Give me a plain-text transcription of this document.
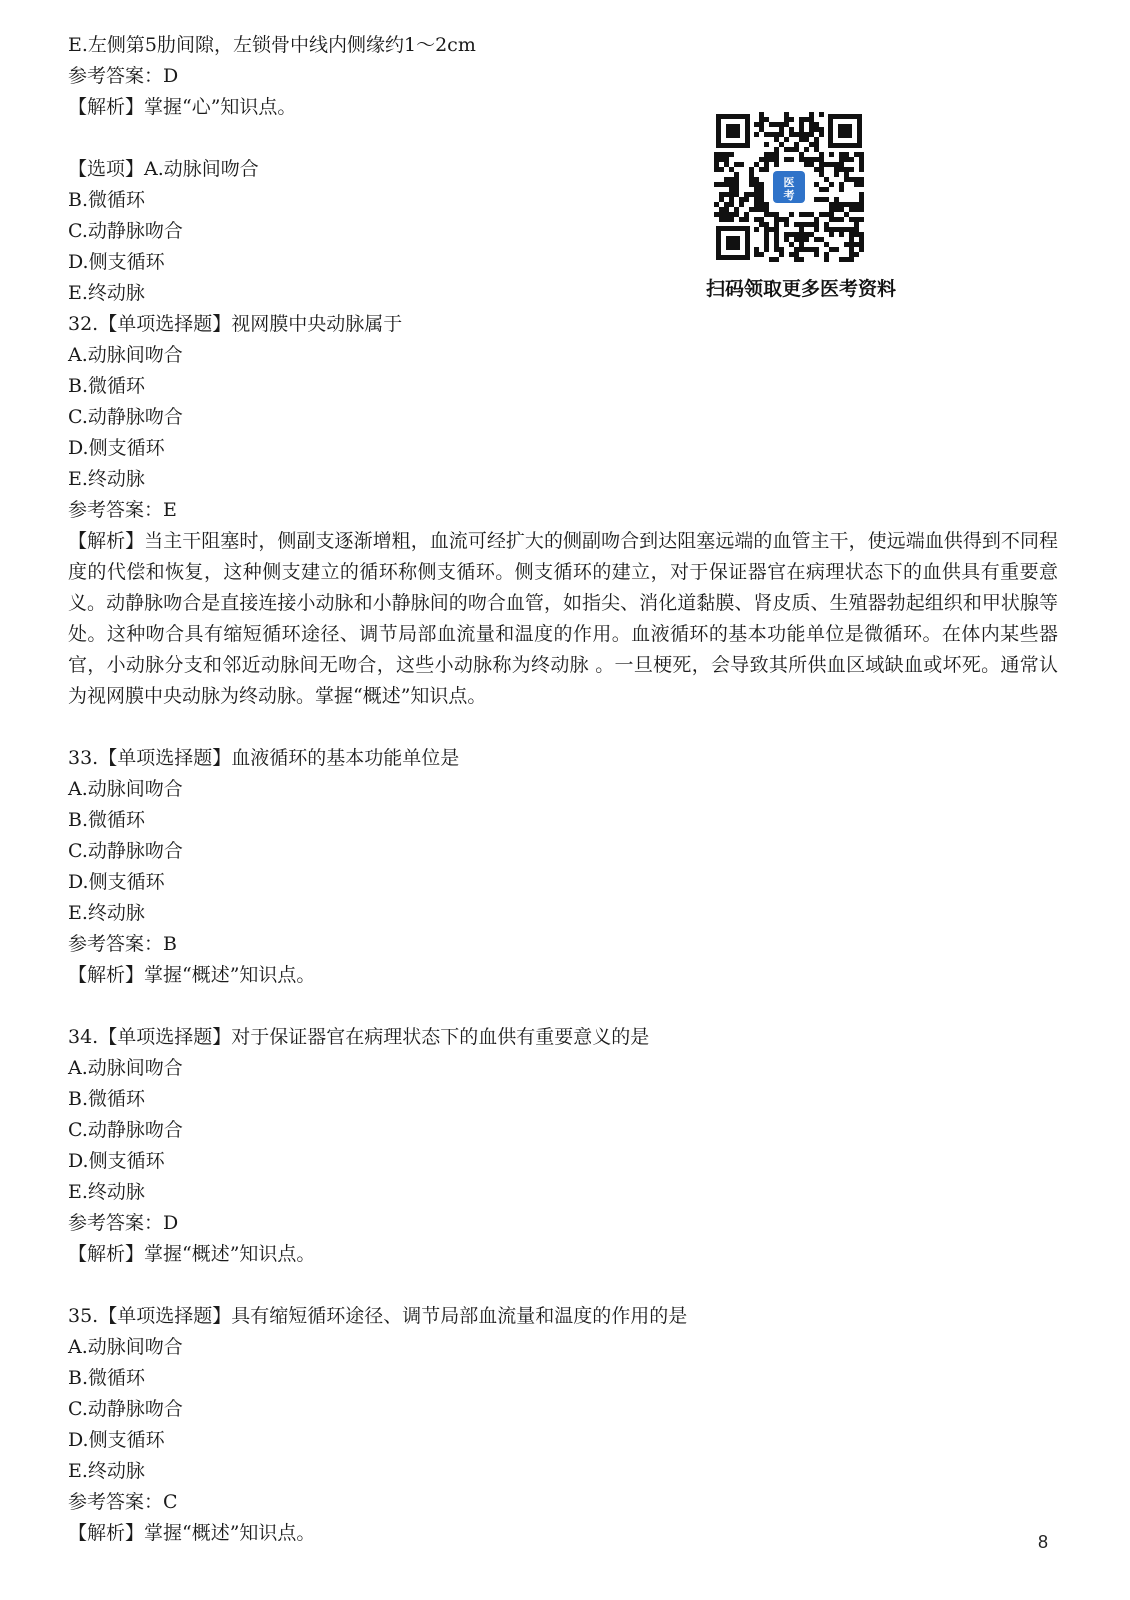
E.左侧第5肋间隙，左锁骨中线内侧缘约1～2cm
参考答案：D
【解析】掌握“心”知识点。
【选项】A.动脉间吻合
B.微循环
C.动静脉吻合
D.侧支循环
E.终动脉
32.【单项选择题】视网膜中央动脉属于
A.动脉间吻合
B.微循环
C.动静脉吻合
D.侧支循环
E.终动脉
参考答案：E
【解析】当主干阻塞时，侧副支逐渐增粗，血流可经扩大的侧副吻合到达阻塞远端的血管主干，使远端血供得到不同程度的代偿和恢复，这种侧支建立的循环称侧支循环。侧支循环的建立，对于保证器官在病理状态下的血供具有重要意义。动静脉吻合是直接连接小动脉和小静脉间的吻合血管，如指尖、消化道黏膜、肾皮质、生殖器勃起组织和甲状腺等处。这种吻合具有缩短循环途径、调节局部血流量和温度的作用。血液循环的基本功能单位是微循环。在体内某些器官，小动脉分支和邻近动脉间无吻合，这些小动脉称为终动脉 。一旦梗死，会导致其所供血区域缺血或坏死。通常认为视网膜中央动脉为终动脉。掌握“概述”知识点。
33.【单项选择题】血液循环的基本功能单位是
A.动脉间吻合
B.微循环
C.动静脉吻合
D.侧支循环
E.终动脉
参考答案：B
【解析】掌握“概述”知识点。
34.【单项选择题】对于保证器官在病理状态下的血供有重要意义的是
A.动脉间吻合
B.微循环
C.动静脉吻合
D.侧支循环
E.终动脉
参考答案：D
【解析】掌握“概述”知识点。
35.【单项选择题】具有缩短循环途径、调节局部血流量和温度的作用的是
A.动脉间吻合
B.微循环
C.动静脉吻合
D.侧支循环
E.终动脉
参考答案：C
【解析】掌握“概述”知识点。
医
考
扫码领取更多医考资料
8
